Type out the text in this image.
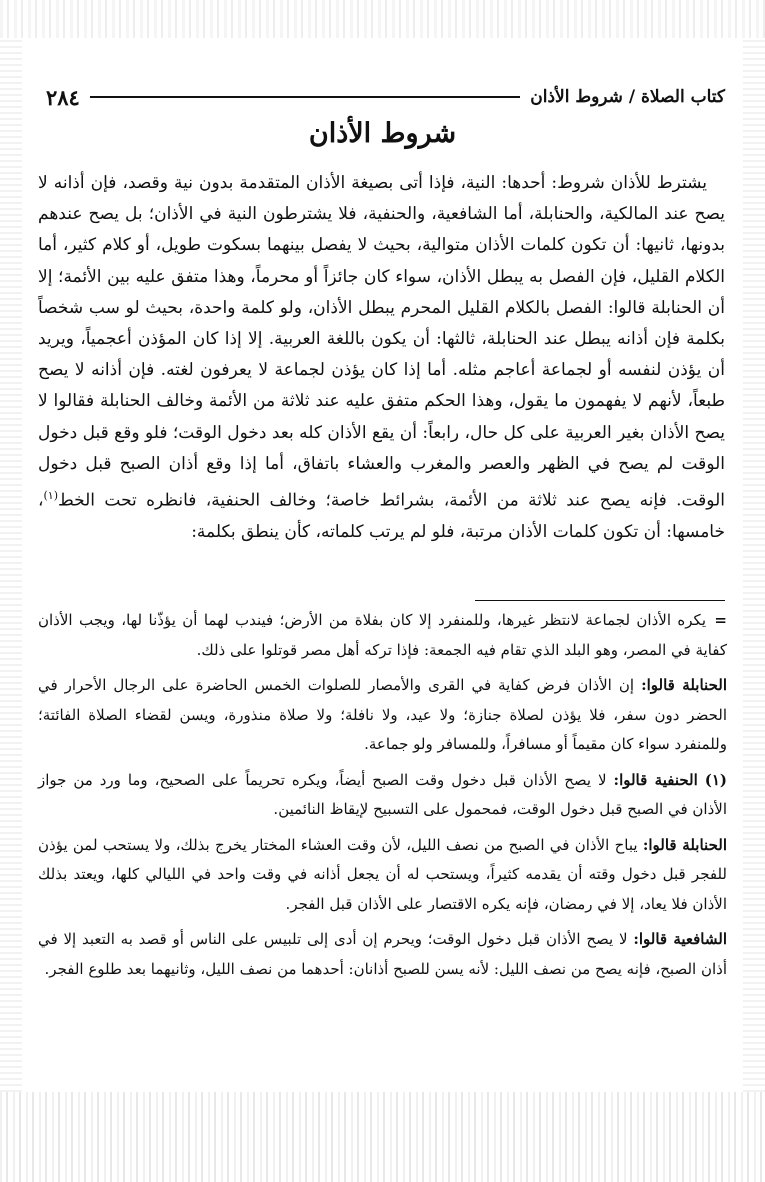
كتاب الصلاة / شروط الأذان
٢٨٤
شروط الأذان

يشترط للأذان شروط: أحدها: النية، فإذا أتى بصيغة الأذان المتقدمة بدون نية وقصد، فإن أذانه لا يصح عند المالكية، والحنابلة، أما الشافعية، والحنفية، فلا يشترطون النية في الأذان؛ بل يصح عندهم بدونها، ثانيها: أن تكون كلمات الأذان متوالية، بحيث لا يفصل بينهما بسكوت طويل، أو كلام كثير، أما الكلام القليل، فإن الفصل به يبطل الأذان، سواء كان جائزاً أو محرماً، وهذا متفق عليه بين الأئمة؛ إلا أن الحنابلة قالوا: الفصل بالكلام القليل المحرم يبطل الأذان، ولو كلمة واحدة، بحيث لو سب شخصاً بكلمة فإن أذانه يبطل عند الحنابلة، ثالثها: أن يكون باللغة العربية. إلا إذا كان المؤذن أعجمياً، ويريد أن يؤذن لنفسه أو لجماعة أعاجم مثله. أما إذا كان يؤذن لجماعة لا يعرفون لغته. فإن أذانه لا يصح طبعاً، لأنهم لا يفهمون ما يقول، وهذا الحكم متفق عليه عند ثلاثة من الأئمة وخالف الحنابلة فقالوا لا يصح الأذان بغير العربية على كل حال، رابعاً: أن يقع الأذان كله بعد دخول الوقت؛ فلو وقع قبل دخول الوقت لم يصح في الظهر والعصر والمغرب والعشاء باتفاق، أما إذا وقع أذان الصبح قبل دخول الوقت. فإنه يصح عند ثلاثة من الأئمة، بشرائط خاصة؛ وخالف الحنفية، فانظره تحت الخط$^{(١)}$، خامسها: أن تكون كلمات الأذان مرتبة، فلو لم يرتب كلماته، كأن ينطق بكلمة:

= يكره الأذان لجماعة لانتظر غيرها، وللمنفرد إلا كان بفلاة من الأرض؛ فيندب لهما أن يؤذّنا لها، ويجب الأذان كفاية في المصر، وهو البلد الذي تقام فيه الجمعة: فإذا تركه أهل مصر قوتلوا على ذلك.

الحنابلة قالوا: إن الأذان فرض كفاية في القرى والأمصار للصلوات الخمس الحاضرة على الرجال الأحرار في الحضر دون سفر، فلا يؤذن لصلاة جنازة؛ ولا عيد، ولا نافلة؛ ولا صلاة منذورة، ويسن لقضاء الصلاة الفائتة؛ وللمنفرد سواء كان مقيماً أو مسافراً، وللمسافر ولو جماعة.

(١) الحنفية قالوا: لا يصح الأذان قبل دخول وقت الصبح أيضاً، ويكره تحريماً على الصحيح، وما ورد من جواز الأذان في الصبح قبل دخول الوقت، فمحمول على التسبيح لإيقاظ النائمين.

الحنابلة قالوا: يباح الأذان في الصبح من نصف الليل، لأن وقت العشاء المختار يخرج بذلك، ولا يستحب لمن يؤذن للفجر قبل دخول وقته أن يقدمه كثيراً، ويستحب له أن يجعل أذانه في وقت واحد في الليالي كلها، ويعتد بذلك الأذان فلا يعاد، إلا في رمضان، فإنه يكره الاقتصار على الأذان قبل الفجر.

الشافعية قالوا: لا يصح الأذان قبل دخول الوقت؛ ويحرم إن أدى إلى تلبيس على الناس أو قصد به التعبد إلا في أذان الصبح، فإنه يصح من نصف الليل: لأنه يسن للصبح أذانان: أحدهما من نصف الليل، وثانيهما بعد طلوع الفجر.
